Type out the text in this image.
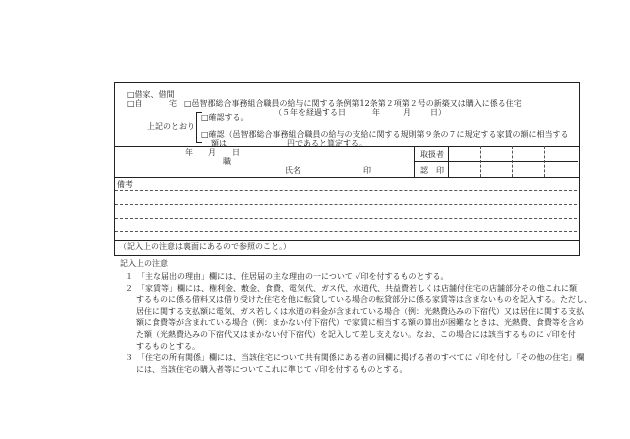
□借家、借間
□自	宅 □邑智郡総合事務組合職員の給与に関する条例第12条第２項第２号の新築又は購入に係る住宅
（５年を経過する日	年	月 日）
上記のとおり
□確認する。
□確認（邑智郡総合事務組合職員の給与の支給に関する規則第９条の７に規定する家賃の額に相当する
額は	円であると算定する。
年 月 日
職
氏名	印
取扱者
認　印
備考
（記入上の注意は裏面にあるので参照のこと。）

記入上の注意

１　「主な届出の理由」欄には、住居届の主な理由の一について ✓印を付するものとする。

２　「家賃等」欄には、権利金、敷金、食費、電気代、ガス代、水道代、共益費若しくは店舗付住宅の店舗部分その他これに類

するものに係る借料又は借り受けた住宅を他に転貸している場合の転貸部分に係る家賃等は含まないものを記入する。ただし、

居住に関する支払額に電気、ガス若しくは水道の料金が含まれている場合（例：光熱費込みの下宿代）又は居住に関する支払

額に食費等が含まれている場合（例：まかない付下宿代）で家賃に相当する額の算出が困難なときは、光熱費、食費等を含め

た額（光熱費込みの下宿代又はまかない付下宿代）を記入して差し支えない。なお、この場合には該当するものに ✓印を付

するものとする。

３　「住宅の所有関係」欄には、当該住宅について共有関係にある者の回欄に掲げる者のすべてに ✓印を付し「その他の住宅」欄

には、当該住宅の購入者等についてこれに準じて ✓印を付するものとする。
